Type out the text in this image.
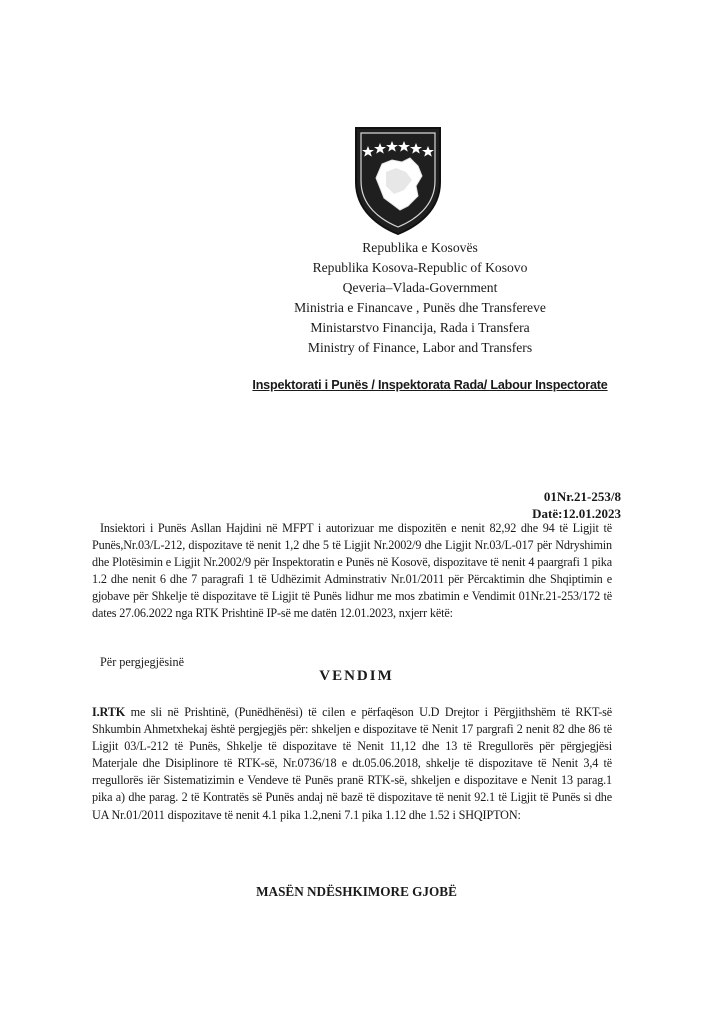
Republika e Kosovës
Republika Kosova-Republic of Kosovo
Qeveria–Vlada-Government
Ministria e Financave , Punës dhe Transfereve
Ministarstvo Financija, Rada i Transfera
Ministry of Finance, Labor and Transfers
Inspektorati i Punës / Inspektorata Rada/ Labour Inspectorate
01Nr.21-253/8
Datë:12.01.2023
Insiektori i Punës Asllan Hajdini në MFPT i autorizuar me dispozitën e nenit 82,92 dhe 94 të Ligjit të Punës,Nr.03/L-212, dispozitave të nenit 1,2 dhe 5 të Ligjit Nr.2002/9 dhe Ligjit Nr.03/L-017 për Ndryshimin dhe Plotësimin e Ligjit Nr.2002/9 për Inspektoratin e Punës në Kosovë, dispozitave të nenit 4 paargrafi 1 pika 1.2 dhe nenit 6 dhe 7 paragrafi 1 të Udhëzimit Adminstrativ Nr.01/2011 për Përcaktimin dhe Shqiptimin e gjobave për Shkelje të dispozitave të Ligjit të Punës lidhur me mos zbatimin e Vendimit 01Nr.21-253/172 të dates 27.06.2022 nga RTK Prishtinë IP-së me datën 12.01.2023, nxjerr këtë:
Për pergjegjësinë
VENDIM
I.RTK me sli në Prishtinë, (Punëdhënësi) të cilen e përfaqëson U.D Drejtor i Përgjithshëm të RKT-së Shkumbin Ahmetxhekaj është pergjegjës për: shkeljen e dispozitave të Nenit 17 pargrafi 2 nenit 82 dhe 86 të Ligjit 03/L-212 të Punës, Shkelje të dispozitave të Nenit 11,12 dhe 13 të Rregullorës për përgjegjësi Materjale dhe Disiplinore të RTK-së, Nr.0736/18 e dt.05.06.2018, shkelje të dispozitave të Nenit 3,4 të rregullorës iër Sistematizimin e Vendeve të Punës pranë RTK-së, shkeljen e dispozitave e Nenit 13 parag.1 pika a) dhe parag. 2 të Kontratës së Punës andaj në bazë të dispozitave të nenit 92.1 të Ligjit të Punës si dhe UA Nr.01/2011 dispozitave të nenit 4.1 pika 1.2,neni 7.1 pika 1.12 dhe 1.52 i SHQIPTON:
MASËN NDËSHKIMORE GJOBË
